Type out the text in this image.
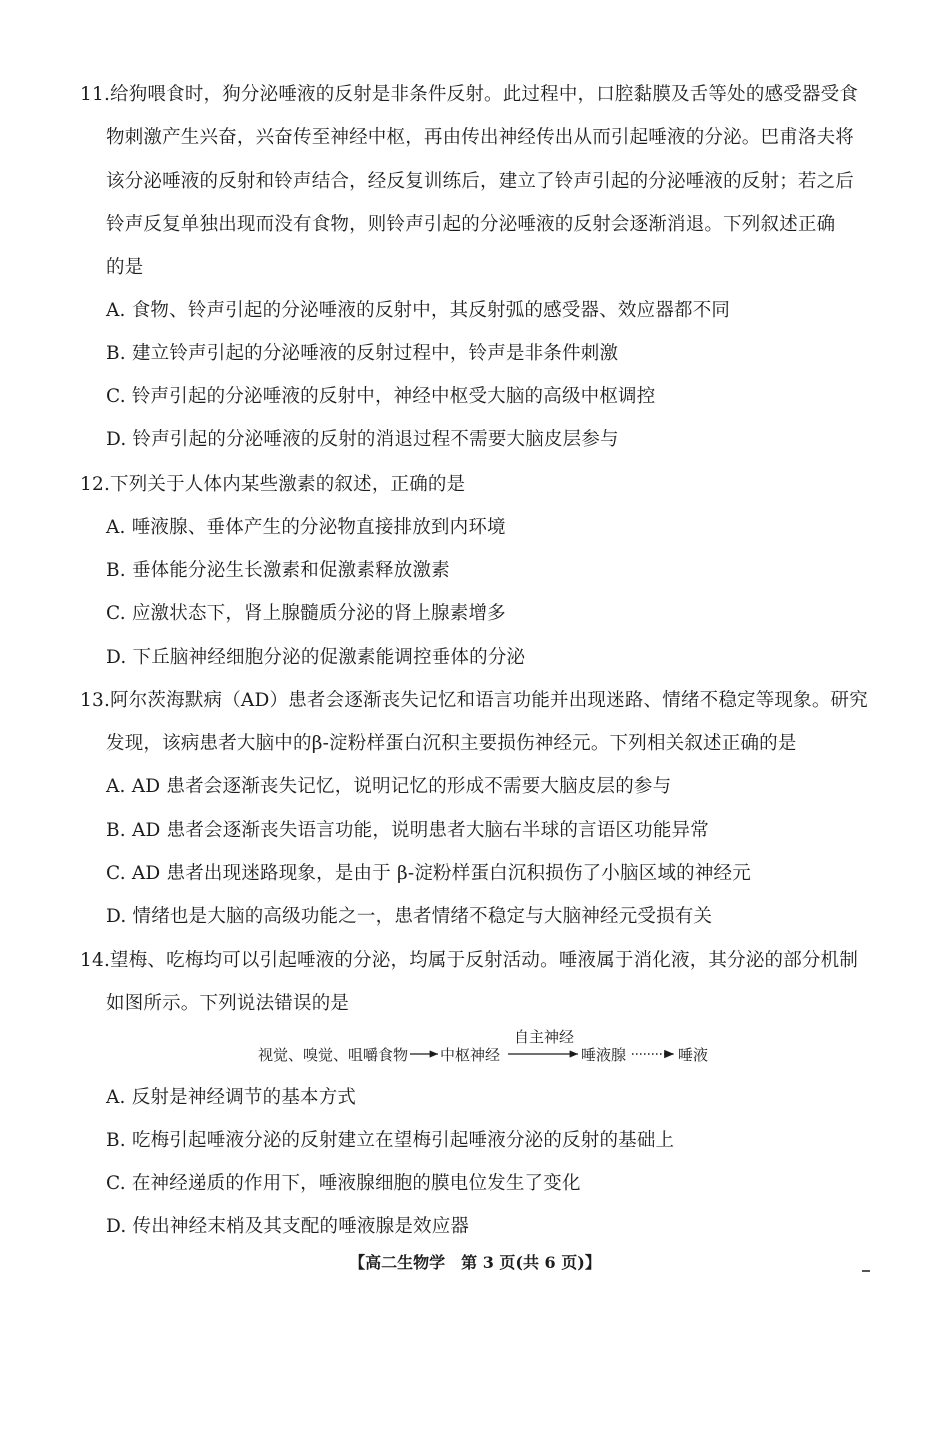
11.给狗喂食时，狗分泌唾液的反射是非条件反射。此过程中，口腔黏膜及舌等处的感受器受食
物刺激产生兴奋，兴奋传至神经中枢，再由传出神经传出从而引起唾液的分泌。巴甫洛夫将
该分泌唾液的反射和铃声结合，经反复训练后，建立了铃声引起的分泌唾液的反射；若之后
铃声反复单独出现而没有食物，则铃声引起的分泌唾液的反射会逐渐消退。下列叙述正确
的是
A. 食物、铃声引起的分泌唾液的反射中，其反射弧的感受器、效应器都不同
B. 建立铃声引起的分泌唾液的反射过程中，铃声是非条件刺激
C. 铃声引起的分泌唾液的反射中，神经中枢受大脑的高级中枢调控
D. 铃声引起的分泌唾液的反射的消退过程不需要大脑皮层参与
12.下列关于人体内某些激素的叙述，正确的是
A. 唾液腺、垂体产生的分泌物直接排放到内环境
B. 垂体能分泌生长激素和促激素释放激素
C. 应激状态下，肾上腺髓质分泌的肾上腺素增多
D. 下丘脑神经细胞分泌的促激素能调控垂体的分泌
13.阿尔茨海默病（AD）患者会逐渐丧失记忆和语言功能并出现迷路、情绪不稳定等现象。研究
发现，该病患者大脑中的β-淀粉样蛋白沉积主要损伤神经元。下列相关叙述正确的是
A. AD 患者会逐渐丧失记忆，说明记忆的形成不需要大脑皮层的参与
B. AD 患者会逐渐丧失语言功能，说明患者大脑右半球的言语区功能异常
C. AD 患者出现迷路现象，是由于 β-淀粉样蛋白沉积损伤了小脑区域的神经元
D. 情绪也是大脑的高级功能之一，患者情绪不稳定与大脑神经元受损有关
14.望梅、吃梅均可以引起唾液的分泌，均属于反射活动。唾液属于消化液，其分泌的部分机制
如图所示。下列说法错误的是
视觉、嗅觉、咀嚼食物 中枢神经
自主神经
唾液腺	唾液
A. 反射是神经调节的基本方式
B. 吃梅引起唾液分泌的反射建立在望梅引起唾液分泌的反射的基础上
C. 在神经递质的作用下，唾液腺细胞的膜电位发生了变化
D. 传出神经末梢及其支配的唾液腺是效应器
【高二生物学　第 3 页(共 6 页)】
